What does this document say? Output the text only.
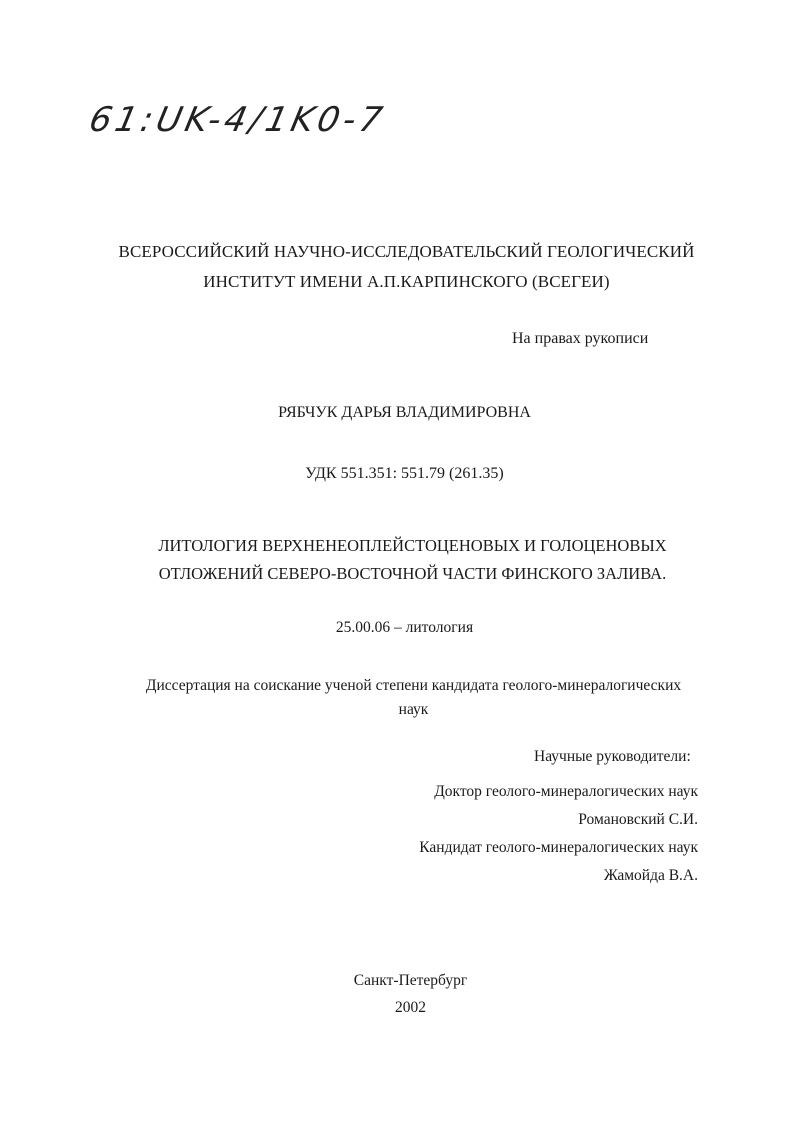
61:UK-4/1K0-7
ВСЕРОССИЙСКИЙ НАУЧНО-ИССЛЕДОВАТЕЛЬСКИЙ ГЕОЛОГИЧЕСКИЙ
ИНСТИТУТ ИМЕНИ А.П.КАРПИНСКОГО (ВСЕГЕИ)
На правах рукописи
РЯБЧУК ДАРЬЯ ВЛАДИМИРОВНА
УДК 551.351: 551.79 (261.35)
ЛИТОЛОГИЯ ВЕРХНЕНЕОПЛЕЙСТОЦЕНОВЫХ И ГОЛОЦЕНОВЫХ
ОТЛОЖЕНИЙ СЕВЕРО-ВОСТОЧНОЙ ЧАСТИ ФИНСКОГО ЗАЛИВА.
25.00.06 – литология
Диссертация на соискание ученой степени кандидата геолого-минералогических
наук
Научные руководители:
Доктор геолого-минералогических наук
Романовский С.И.
Кандидат геолого-минералогических наук
Жамойда В.А.
Санкт-Петербург
2002
